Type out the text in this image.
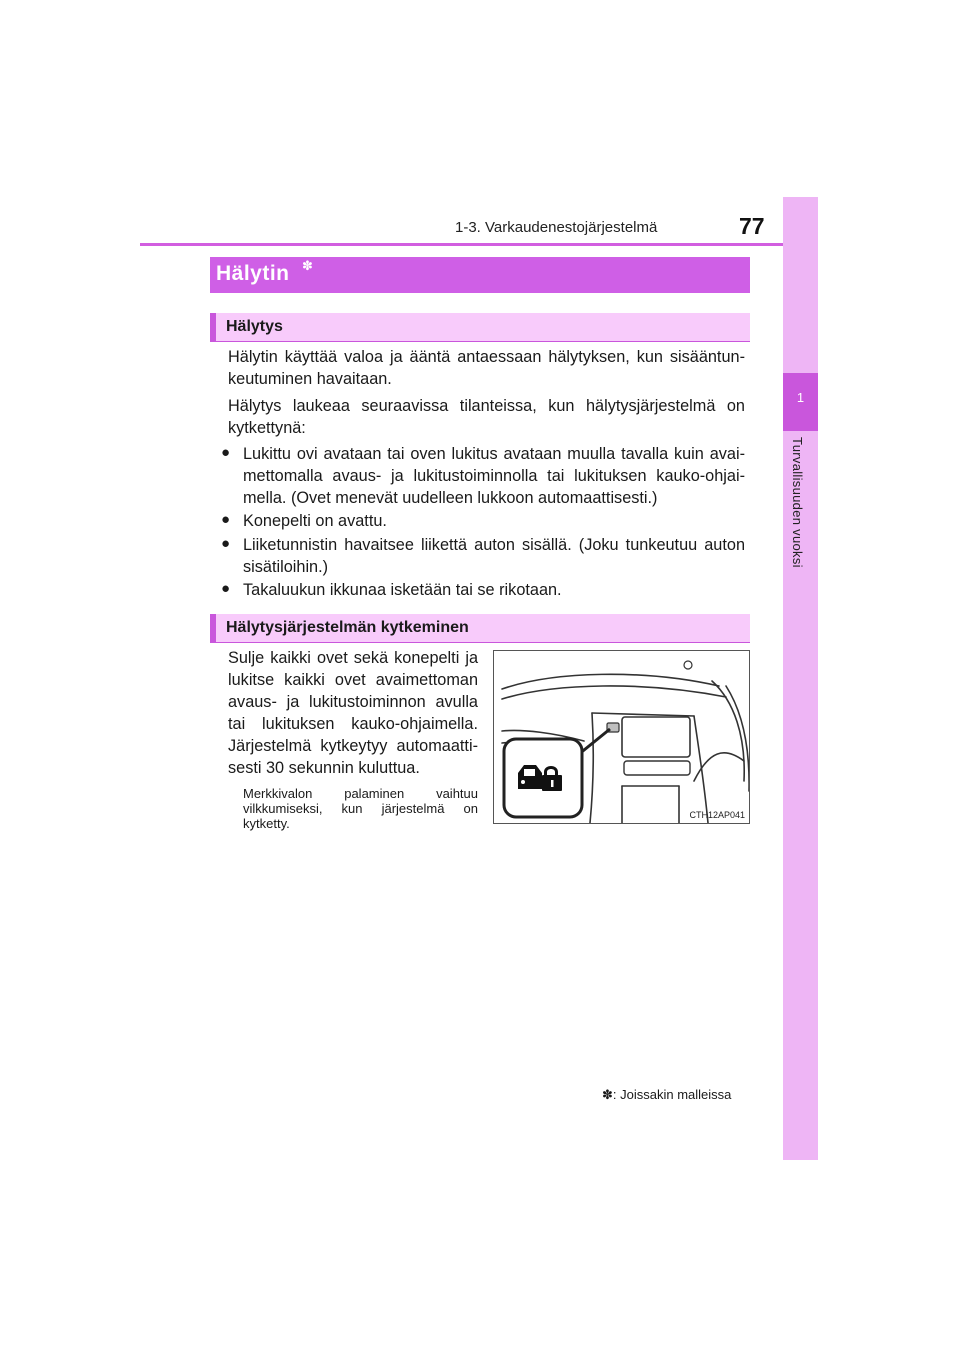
1-3. Varkaudenestojärjestelmä	77
1
Turvallisuuden vuoksi
Hälytin ✽
Hälytys
Hälytin käyttää valoa ja ääntä antaessaan hälytyksen, kun sisääntun-
keutuminen havaitaan.
Hälytys laukeaa seuraavissa tilanteissa, kun hälytysjärjestelmä on
kytkettynä:
● Lukittu ovi avataan tai oven lukitus avataan muulla tavalla kuin avai-
mettomalla avaus- ja lukitustoiminnolla tai lukituksen kauko-ohjai-
mella. (Ovet menevät uudelleen lukkoon automaattisesti.)
● Konepelti on avattu.
● Liiketunnistin havaitsee liikettä auton sisällä. (Joku tunkeutuu auton
sisätiloihin.)
● Takaluukun ikkunaa isketään tai se rikotaan.
Hälytysjärjestelmän kytkeminen
Sulje kaikki ovet sekä konepelti ja
lukitse kaikki ovet avaimettoman
avaus- ja lukitustoiminnon avulla
tai lukituksen kauko-ohjaimella.
Järjestelmä kytkeytyy automaatti-
sesti 30 sekunnin kuluttua.
Merkkivalon palaminen vaihtuu
vilkkumiseksi, kun järjestelmä on
kytketty.
CTH12AP041
✽: Joissakin malleissa
